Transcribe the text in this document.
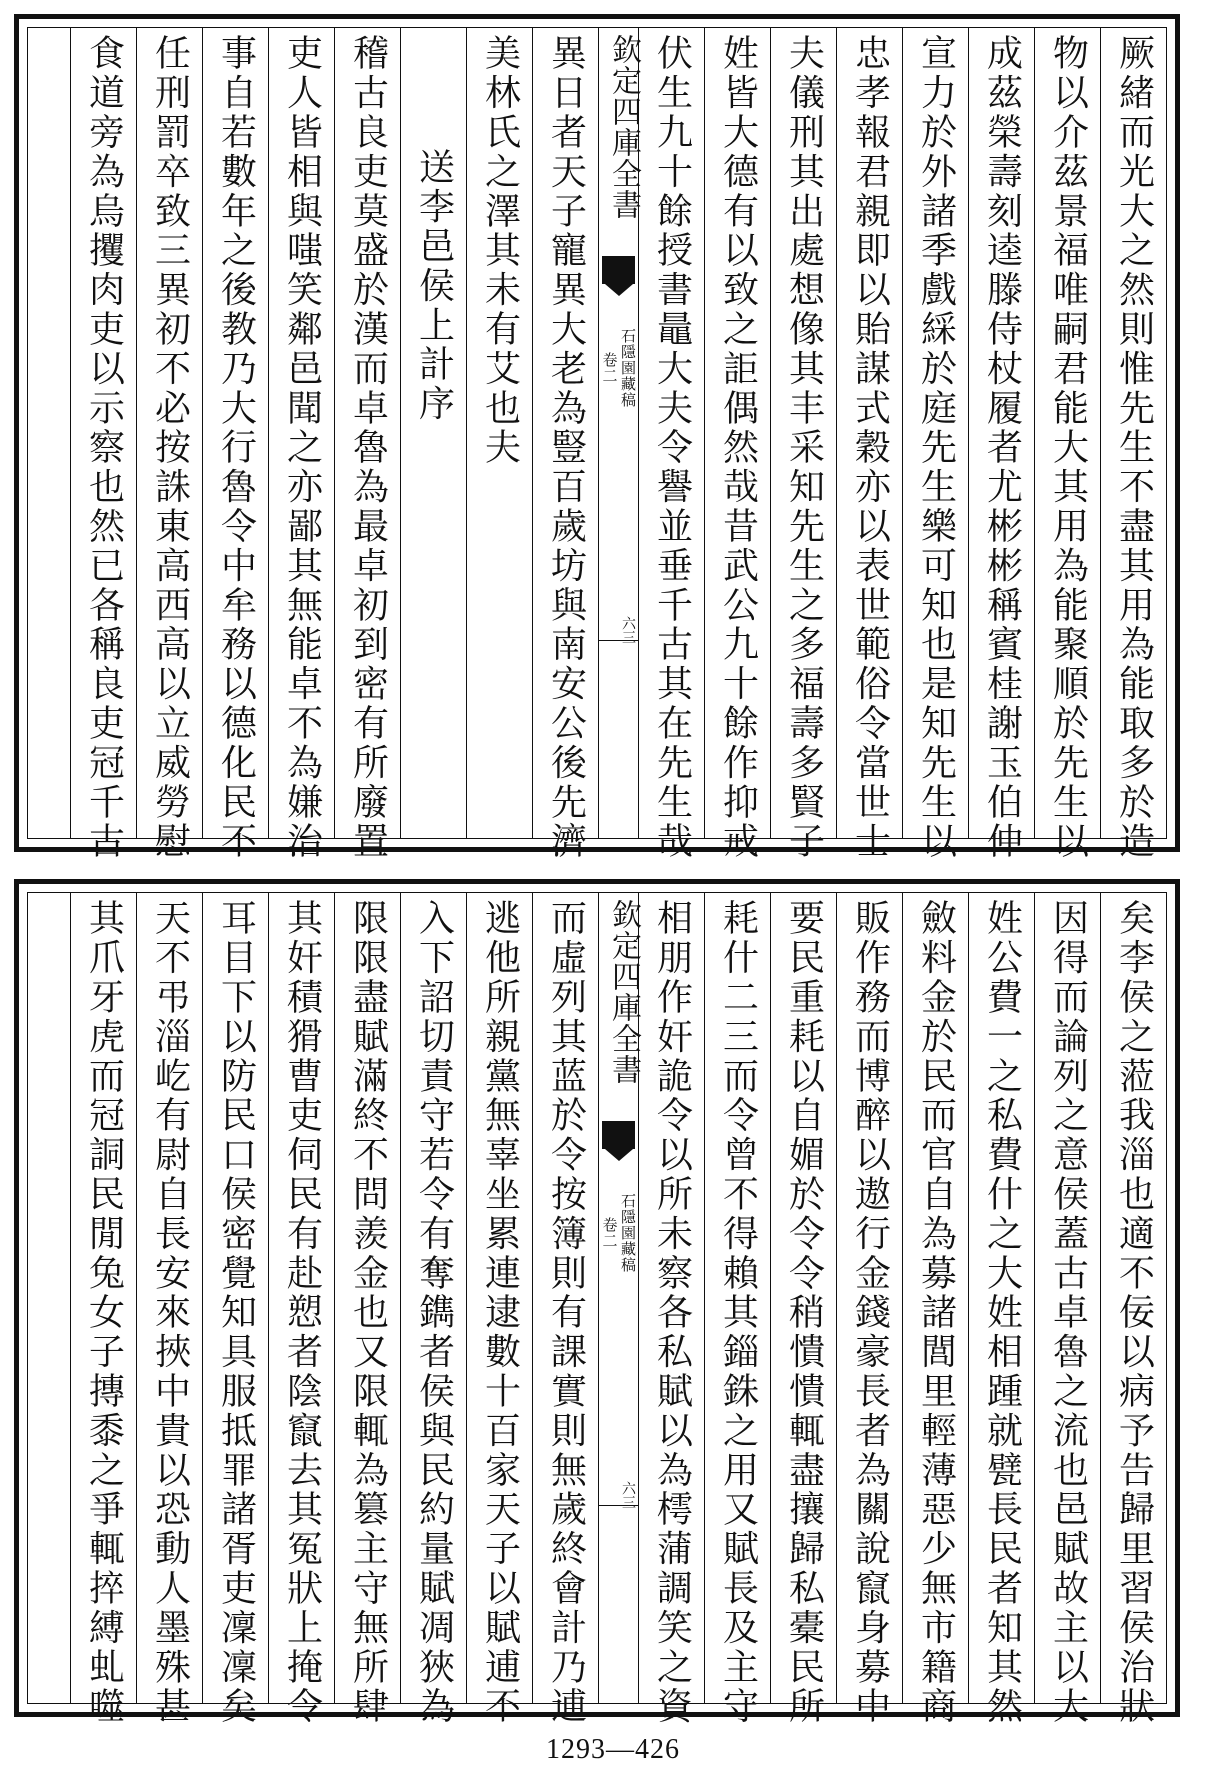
厥緒而光大之然則惟先生不盡其用為能取多於造
物以介茲景福唯嗣君能大其用為能聚順於先生以
成茲榮壽刻逵滕侍杖履者尤彬彬稱賓桂謝玉伯仲
宣力於外諸季戲綵於庭先生樂可知也是知先生以
忠孝報君親即以貽謀式穀亦以表世範俗令當世士
夫儀刑其出處想像其丰采知先生之多福壽多賢子
姓皆大德有以致之詎偶然哉昔武公九十餘作抑戒
伏生九十餘授書鼂大夫令譽並垂千古其在先生哉
欽定四庫全書
石隱園藏稿
卷二
六三
異日者天子寵異大老為豎百歲坊與南安公後先濟
美林氏之澤其未有艾也夫
送李邑侯上計序
稽古良吏莫盛於漢而卓魯為最卓初到密有所廢置
吏人皆相與嗤笑鄰邑聞之亦鄙其無能卓不為嫌治
事自若數年之後教乃大行魯令中牟務以德化民不
任刑罰卒致三異初不必按誅東高西高以立威勞慰
食道旁為烏攫肉吏以示察也然已各稱良吏冠千古
矣李侯之蒞我淄也適不佞以病予告歸里習侯治狀
因得而論列之意侯蓋古卓魯之流也邑賦故主以大
姓公費一之私費什之大姓相踵就甓長民者知其然
斂料金於民而官自為募諸閭里輕薄惡少無市籍商
販作務而博醉以遨行金錢豪長者為關說竄身募中
要民重耗以自媚於令令稍憒憒輒盡攘歸私橐民所
耗什二三而令曾不得賴其錙銖之用又賦長及主守
相朋作奸詭令以所未察各私賦以為樗蒲調笑之資
欽定四庫全書
石隱園藏稿
卷二
六三
而虛列其蓝於令按簿則有課實則無歲終會計乃逋
逃他所親黨無辜坐累連逮數十百家天子以賦逋不
入下詔切責守若令有奪鐫者侯與民約量賦凋狹為
限限盡賦滿終不問羨金也又限輒為篡主守無所肆
其奸積猾曹吏伺民有赴愬者陰竄去其冤狀上掩令
耳目下以防民口侯密覺知具服抵罪諸胥吏凜凜矣
天不弔淄屹有尉自長安來挾中貴以恐動人墨殊甚
其爪牙虎而冠詷民閒兔女子摶黍之爭輒捽縛虬噬
1293—426
